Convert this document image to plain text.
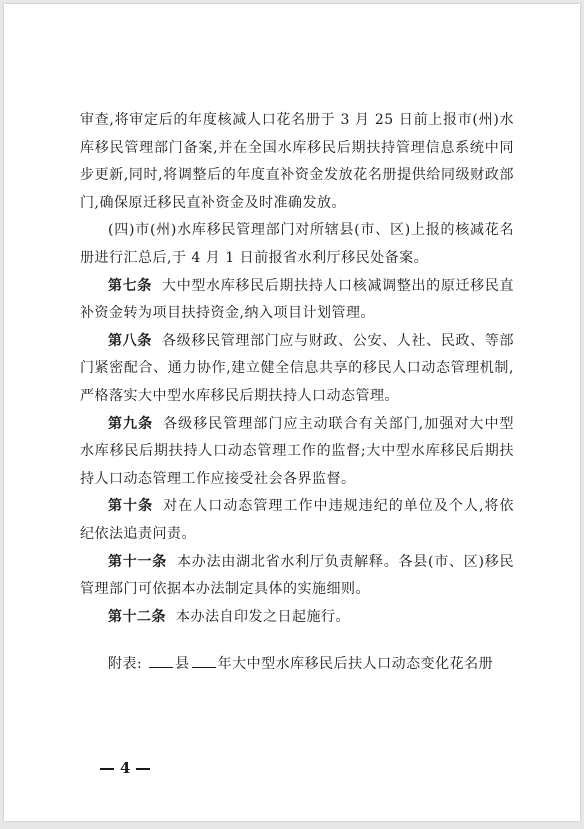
审查,将审定后的年度核减人口花名册于 3 月 25 日前上报市(州)水库移民管理部门备案,并在全国水库移民后期扶持管理信息系统中同步更新,同时,将调整后的年度直补资金发放花名册提供给同级财政部门,确保原迁移民直补资金及时准确发放。

(四)市(州)水库移民管理部门对所辖县(市、区)上报的核减花名册进行汇总后,于 4 月 1 日前报省水利厅移民处备案。

第七条 大中型水库移民后期扶持人口核减调整出的原迁移民直补资金转为项目扶持资金,纳入项目计划管理。

第八条 各级移民管理部门应与财政、公安、人社、民政、等部门紧密配合、通力协作,建立健全信息共享的移民人口动态管理机制,严格落实大中型水库移民后期扶持人口动态管理。

第九条 各级移民管理部门应主动联合有关部门,加强对大中型水库移民后期扶持人口动态管理工作的监督;大中型水库移民后期扶持人口动态管理工作应接受社会各界监督。

第十条 对在人口动态管理工作中违规违纪的单位及个人,将依纪依法追责问责。

第十一条 本办法由湖北省水利厅负责解释。各县(市、区)移民管理部门可依据本办法制定具体的实施细则。

第十二条 本办法自印发之日起施行。

附表: 县 年大中型水库移民后扶人口动态变化花名册
4
